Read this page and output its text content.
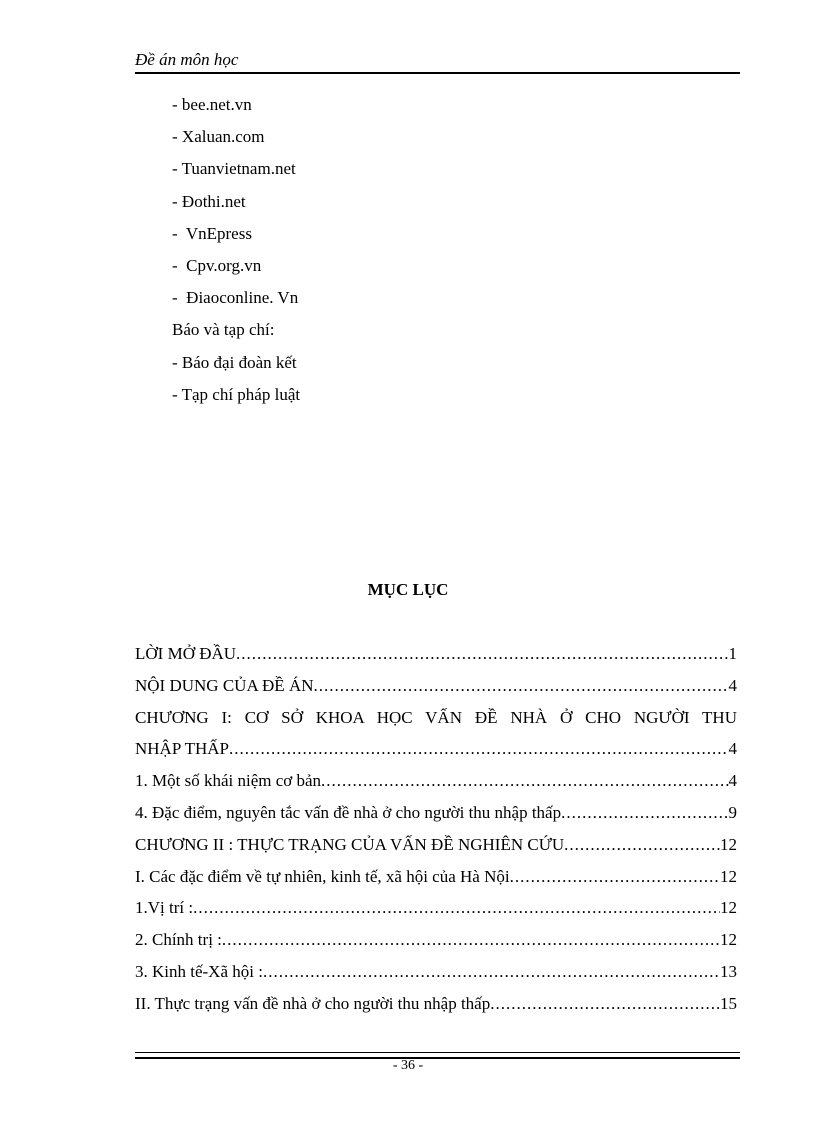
Đề án môn học
- bee.net.vn
- Xaluan.com
- Tuanvietnam.net
- Đothi.net
-  VnEpress
-  Cpv.org.vn
-  Điaoconline. Vn
Báo và tạp chí:
- Báo đại đoàn kết
- Tạp chí pháp luật
MỤC LỤC
LỜI MỞ ĐẦU .....	1
NỘI DUNG CỦA ĐỀ ÁN .....	4
CHƯƠNG I: CƠ SỞ KHOA HỌC VẤN ĐỀ NHÀ Ở CHO NGƯỜI THU
NHẬP THẤP .....	4
1. Một số khái niệm cơ bản .....	4
4. Đặc điểm, nguyên tắc vấn đề nhà ở cho người thu nhập thấp .....	9
CHƯƠNG II : THỰC TRẠNG CỦA VẤN ĐỀ NGHIÊN CỨU .....	12
I. Các đặc điểm về tự nhiên, kinh tế, xã hội của Hà Nội .....	12
1.Vị trí : .....	12
2. Chính trị : .....	12
3. Kinh tế-Xã hội : .....	13
II. Thực trạng vấn đề nhà ở cho người thu nhập thấp .....	15
- 36 -
